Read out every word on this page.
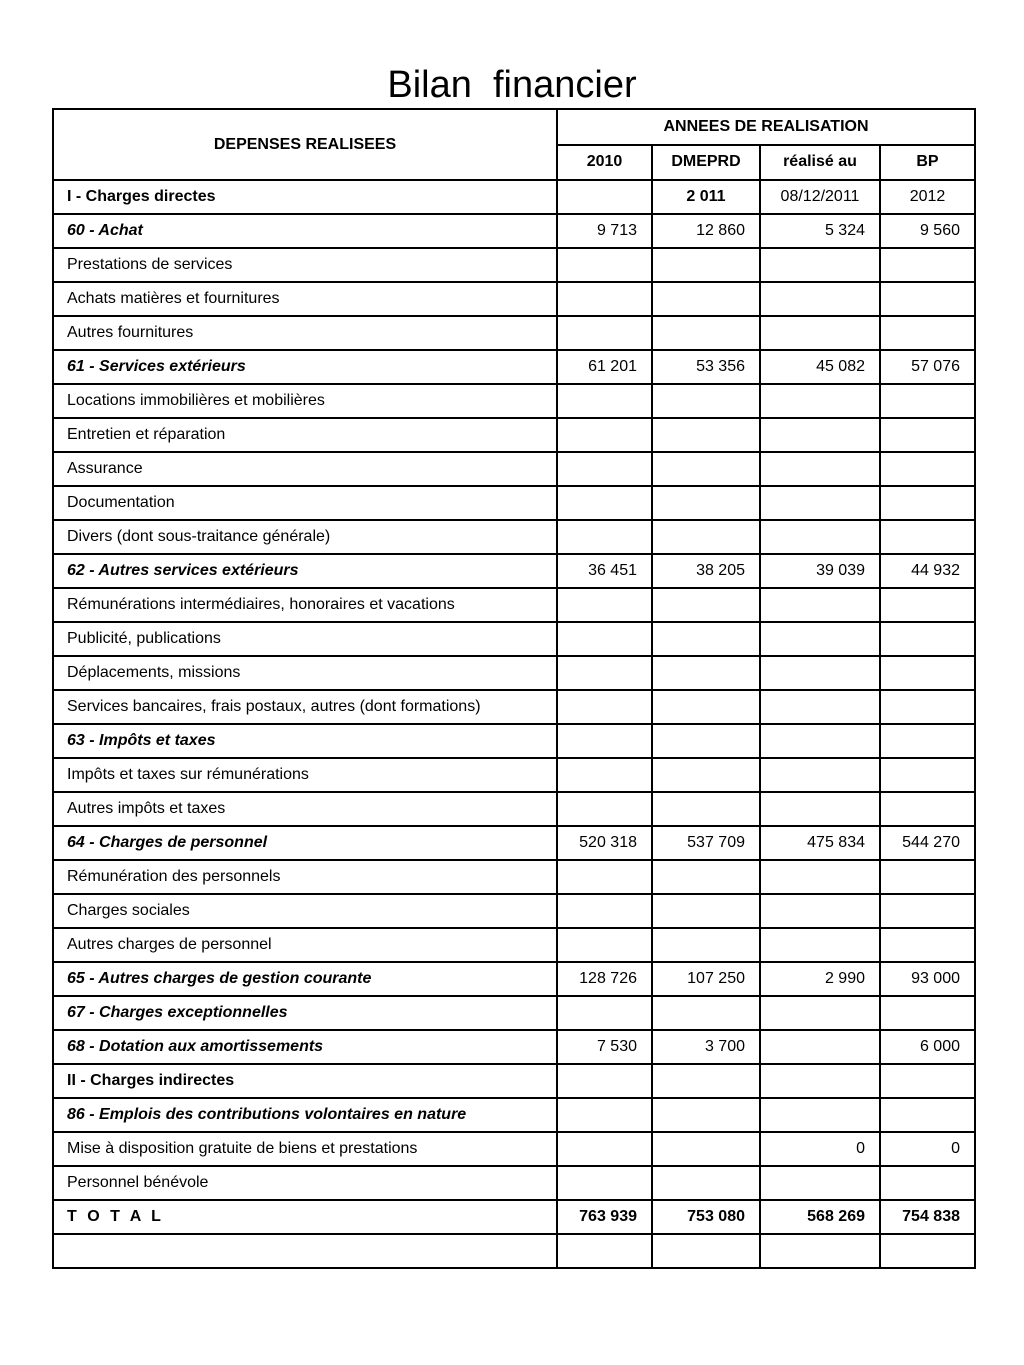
Bilan  financier
DEPENSES REALISEES	ANNEES DE REALISATION			
	2010	DMEPRD	réalisé au	BP
I - Charges directes		2 011	08/12/2011	2012
60 - Achat	9 713	12 860	5 324	9 560
Prestations de services				
Achats matières et fournitures				
Autres fournitures				
61 - Services extérieurs	61 201	53 356	45 082	57 076
Locations immobilières et mobilières				
Entretien et réparation				
Assurance				
Documentation				
Divers (dont sous-traitance générale)				
62 - Autres services extérieurs	36 451	38 205	39 039	44 932
Rémunérations intermédiaires, honoraires et vacations				
Publicité, publications				
Déplacements, missions				
Services bancaires, frais postaux, autres (dont formations)				
63 - Impôts et taxes				
Impôts et taxes sur rémunérations				
Autres impôts et taxes				
64 - Charges de personnel	520 318	537 709	475 834	544 270
Rémunération des personnels				
Charges sociales				
Autres charges de personnel				
65 - Autres charges de gestion courante	128 726	107 250	2 990	93 000
67 - Charges exceptionnelles				
68 - Dotation aux amortissements	7 530	3 700		6 000
II - Charges indirectes				
86 - Emplois des contributions volontaires en nature				
Mise à disposition gratuite de biens et prestations			0	0
Personnel bénévole				
T O T A L	763 939	753 080	568 269	754 838
